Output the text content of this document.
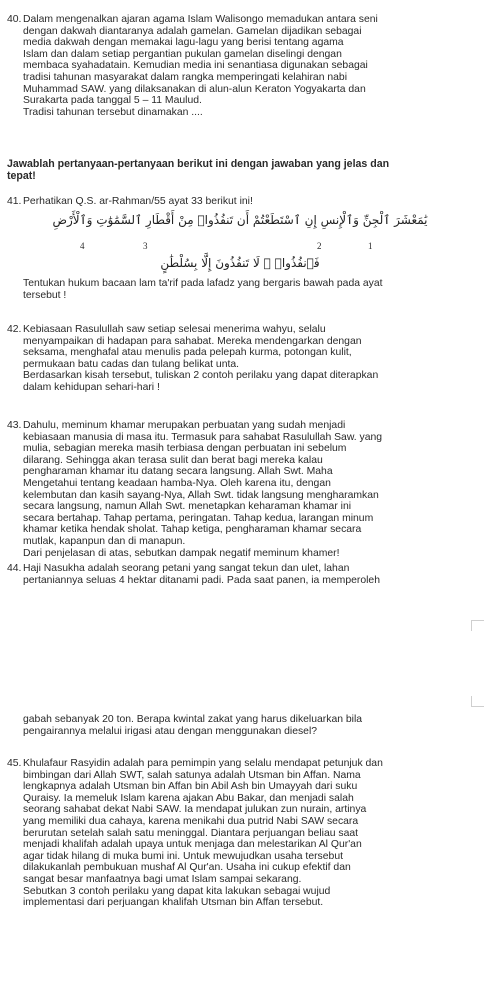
40. Dalam mengenalkan ajaran agama Islam Walisongo memadukan antara seni

dengan dakwah diantaranya adalah gamelan. Gamelan dijadikan sebagai

media dakwah dengan memakai lagu-lagu yang berisi tentang agama

Islam dan dalam setiap pergantian pukulan gamelan diselingi dengan

membaca syahadatain. Kemudian media ini senantiasa digunakan sebagai

tradisi tahunan masyarakat dalam rangka memperingati kelahiran nabi

Muhammad SAW. yang dilaksanakan di alun-alun Keraton Yogyakarta dan

Surakarta pada tanggal 5 – 11 Maulud.

Tradisi tahunan tersebut dinamakan ....

Jawablah pertanyaan-pertanyaan berikut ini dengan jawaban yang jelas dan
tepat!
41. Perhatikan Q.S. ar-Rahman/55 ayat 33 berikut ini!

يَٰمَعْشَرَ ٱلْجِنِّ وَٱلْإِنسِ إِنِ ٱسْتَطَعْتُمْ أَن تَنفُذُوا۟ مِنْ أَقْطَارِ ٱلسَّمَٰوَٰتِ وَٱلْأَرْضِ
4	3	2	1
فَٱنفُذُوا۟ ۚ لَا تَنفُذُونَ إِلَّا بِسُلْطَٰنٍ

Tentukan hukum bacaan lam ta'rif pada lafadz yang bergaris bawah pada ayat

tersebut !

42. Kebiasaan Rasulullah saw setiap selesai menerima wahyu, selalu

menyampaikan di hadapan para sahabat. Mereka mendengarkan dengan

seksama, menghafal atau menulis pada pelepah kurma, potongan kulit,

permukaan batu cadas dan tulang belikat unta.

Berdasarkan kisah tersebut, tuliskan 2 contoh perilaku yang dapat diterapkan

dalam kehidupan sehari-hari !

43. Dahulu, meminum khamar merupakan perbuatan yang sudah menjadi

kebiasaan manusia di masa itu. Termasuk para sahabat Rasulullah Saw. yang

mulia, sebagian mereka masih terbiasa dengan perbuatan ini sebelum

dilarang. Sehingga akan terasa sulit dan berat bagi mereka kalau

pengharaman khamar itu datang secara langsung. Allah Swt. Maha

Mengetahui tentang keadaan hamba-Nya. Oleh karena itu, dengan

kelembutan dan kasih sayang-Nya, Allah Swt. tidak langsung mengharamkan

secara langsung, namun Allah Swt. menetapkan keharaman khamar ini

secara bertahap. Tahap pertama, peringatan. Tahap kedua, larangan minum

khamar ketika hendak sholat. Tahap ketiga, pengharaman khamar secara

mutlak, kapanpun dan di manapun.

Dari penjelasan di atas, sebutkan dampak negatif meminum khamer!

44. Haji Nasukha adalah seorang petani yang sangat tekun dan ulet, lahan

pertaniannya seluas 4 hektar ditanami padi. Pada saat panen, ia memperoleh

gabah sebanyak 20 ton. Berapa kwintal zakat yang harus dikeluarkan bila

pengairannya melalui irigasi atau dengan menggunakan diesel?

45. Khulafaur Rasyidin adalah para pemimpin yang selalu mendapat petunjuk dan

bimbingan dari Allah SWT, salah satunya adalah Utsman bin Affan. Nama

lengkapnya adalah Utsman bin Affan bin Abil Ash bin Umayyah dari suku

Quraisy. Ia memeluk Islam karena ajakan Abu Bakar, dan menjadi salah

seorang sahabat dekat Nabi SAW. Ia mendapat julukan zun nurain, artinya

yang memiliki dua cahaya, karena menikahi dua putrid Nabi SAW secara

berurutan setelah salah satu meninggal. Diantara perjuangan beliau saat

menjadi khalifah adalah upaya untuk menjaga dan melestarikan Al Qur'an

agar tidak hilang di muka bumi ini. Untuk mewujudkan usaha tersebut

dilakukanlah pembukuan mushaf Al Qur'an. Usaha ini cukup efektif dan

sangat besar manfaatnya bagi umat Islam sampai sekarang.

Sebutkan 3 contoh perilaku yang dapat kita lakukan sebagai wujud

implementasi dari perjuangan khalifah Utsman bin Affan tersebut.
